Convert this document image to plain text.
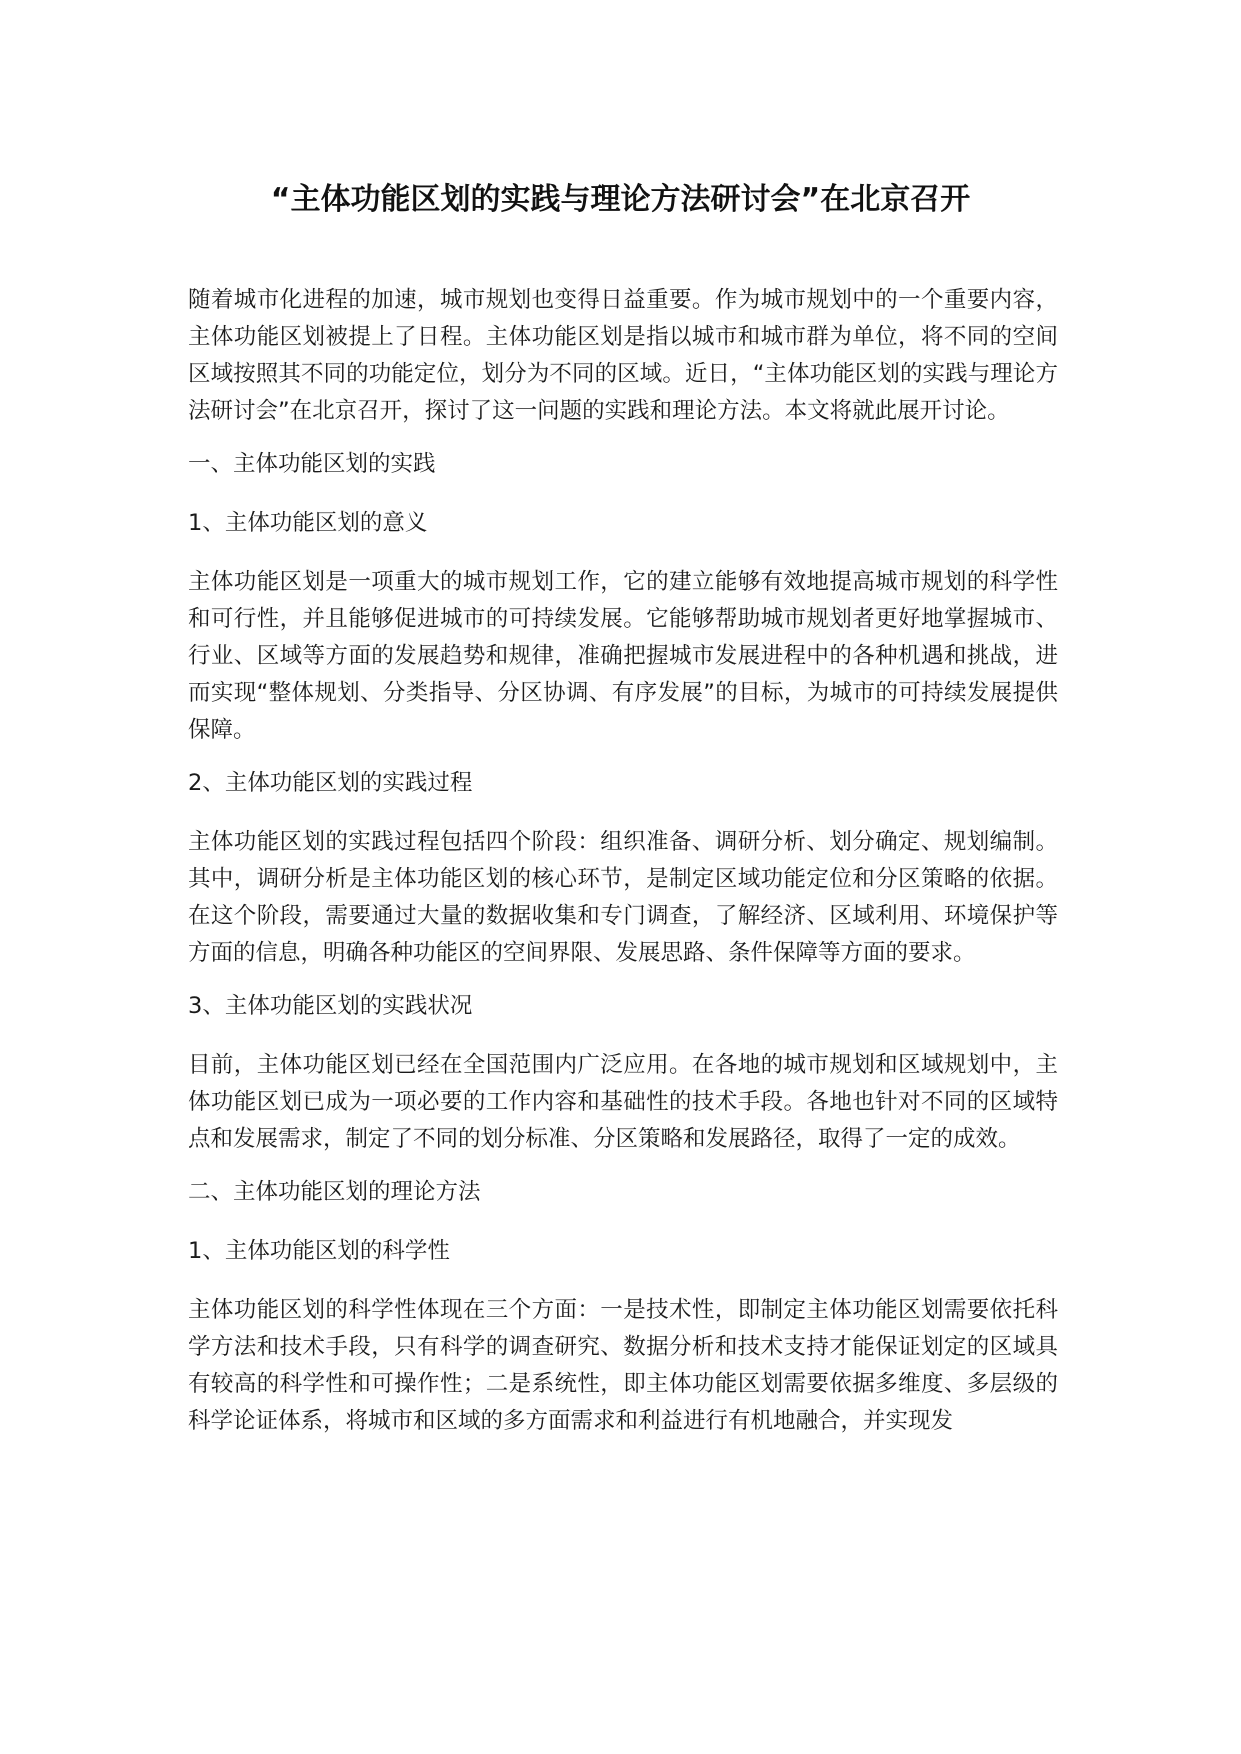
“主体功能区划的实践与理论方法研讨会”在北京召开

随着城市化进程的加速，城市规划也变得日益重要。作为城市规划中的一个重要内容，主体功能区划被提上了日程。主体功能区划是指以城市和城市群为单位，将不同的空间区域按照其不同的功能定位，划分为不同的区域。近日，“主体功能区划的实践与理论方法研讨会”在北京召开，探讨了这一问题的实践和理论方法。本文将就此展开讨论。

一、主体功能区划的实践
1、主体功能区划的意义

主体功能区划是一项重大的城市规划工作，它的建立能够有效地提高城市规划的科学性和可行性，并且能够促进城市的可持续发展。它能够帮助城市规划者更好地掌握城市、行业、区域等方面的发展趋势和规律，准确把握城市发展进程中的各种机遇和挑战，进而实现“整体规划、分类指导、分区协调、有序发展”的目标，为城市的可持续发展提供保障。

2、主体功能区划的实践过程

主体功能区划的实践过程包括四个阶段：组织准备、调研分析、划分确定、规划编制。其中，调研分析是主体功能区划的核心环节，是制定区域功能定位和分区策略的依据。在这个阶段，需要通过大量的数据收集和专门调查，了解经济、区域利用、环境保护等方面的信息，明确各种功能区的空间界限、发展思路、条件保障等方面的要求。

3、主体功能区划的实践状况

目前，主体功能区划已经在全国范围内广泛应用。在各地的城市规划和区域规划中，主体功能区划已成为一项必要的工作内容和基础性的技术手段。各地也针对不同的区域特点和发展需求，制定了不同的划分标准、分区策略和发展路径，取得了一定的成效。

二、主体功能区划的理论方法
1、主体功能区划的科学性

主体功能区划的科学性体现在三个方面：一是技术性，即制定主体功能区划需要依托科学方法和技术手段，只有科学的调查研究、数据分析和技术支持才能保证划定的区域具有较高的科学性和可操作性；二是系统性，即主体功能区划需要依据多维度、多层级的科学论证体系，将城市和区域的多方面需求和利益进行有机地融合，并实现发
